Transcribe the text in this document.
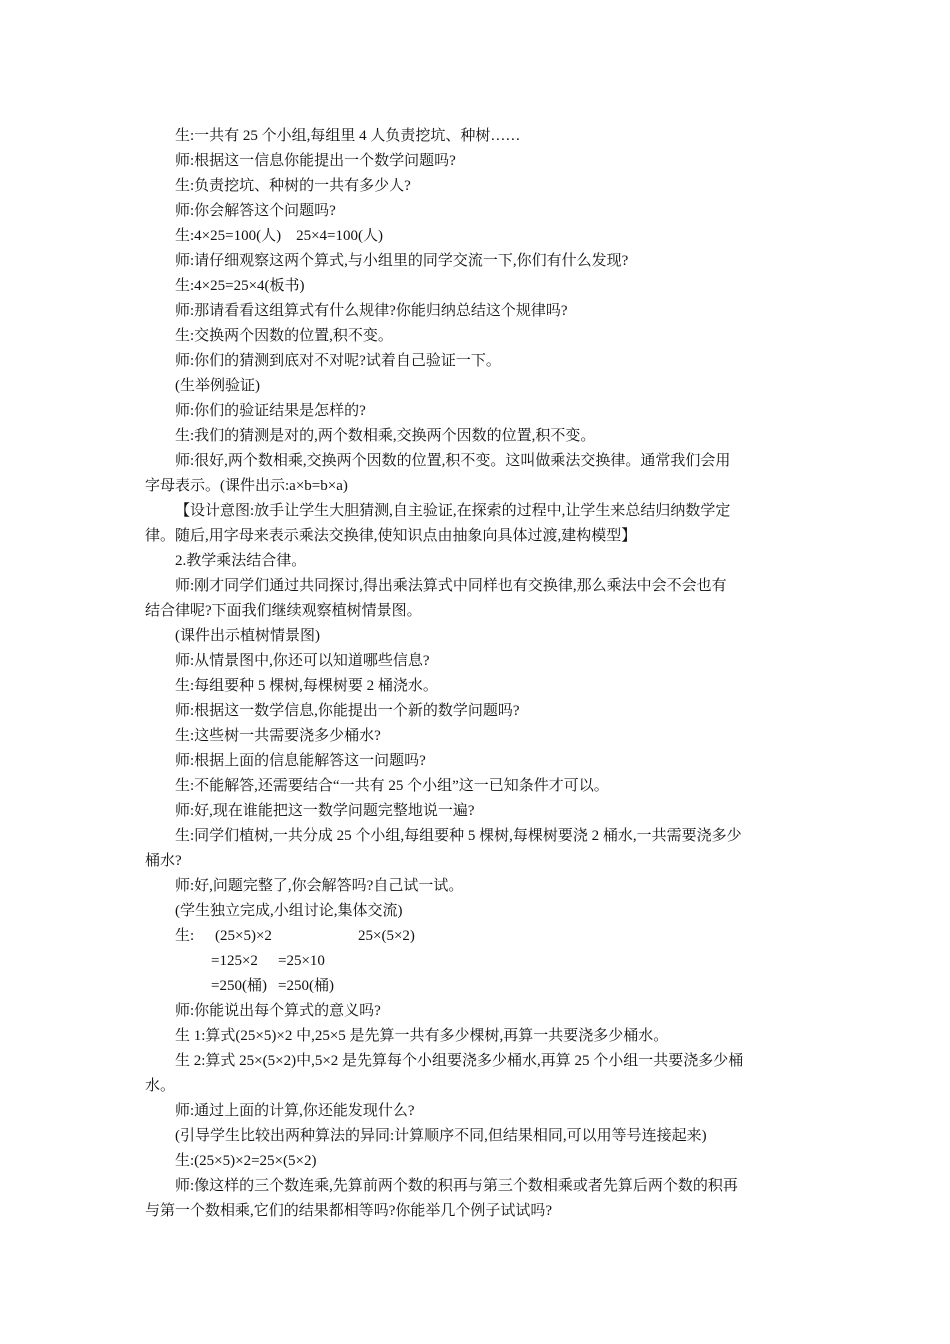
生:一共有 25 个小组,每组里 4 人负责挖坑、种树……
师:根据这一信息你能提出一个数学问题吗?
生:负责挖坑、种树的一共有多少人?
师:你会解答这个问题吗?
生:4×25=100(人)　25×4=100(人)
师:请仔细观察这两个算式,与小组里的同学交流一下,你们有什么发现?
生:4×25=25×4(板书)
师:那请看看这组算式有什么规律?你能归纳总结这个规律吗?
生:交换两个因数的位置,积不变。
师:你们的猜测到底对不对呢?试着自己验证一下。
(生举例验证)
师:你们的验证结果是怎样的?
生:我们的猜测是对的,两个数相乘,交换两个因数的位置,积不变。
师:很好,两个数相乘,交换两个因数的位置,积不变。这叫做乘法交换律。通常我们会用
字母表示。(课件出示:a×b=b×a)
【设计意图:放手让学生大胆猜测,自主验证,在探索的过程中,让学生来总结归纳数学定
律。随后,用字母来表示乘法交换律,使知识点由抽象向具体过渡,建构模型】
2.教学乘法结合律。
师:刚才同学们通过共同探讨,得出乘法算式中同样也有交换律,那么乘法中会不会也有
结合律呢?下面我们继续观察植树情景图。
(课件出示植树情景图)
师:从情景图中,你还可以知道哪些信息?
生:每组要种 5 棵树,每棵树要 2 桶浇水。
师:根据这一数学信息,你能提出一个新的数学问题吗?
生:这些树一共需要浇多少桶水?
师:根据上面的信息能解答这一问题吗?
生:不能解答,还需要结合“一共有 25 个小组”这一已知条件才可以。
师:好,现在谁能把这一数学问题完整地说一遍?
生:同学们植树,一共分成 25 个小组,每组要种 5 棵树,每棵树要浇 2 桶水,一共需要浇多少
桶水?
师:好,问题完整了,你会解答吗?自己试一试。
(学生独立完成,小组讨论,集体交流)
生: (25×5)×2	25×(5×2)
=125×2 =25×10
=250(桶) =250(桶)
师:你能说出每个算式的意义吗?
生 1:算式(25×5)×2 中,25×5 是先算一共有多少棵树,再算一共要浇多少桶水。
生 2:算式 25×(5×2)中,5×2 是先算每个小组要浇多少桶水,再算 25 个小组一共要浇多少桶
水。
师:通过上面的计算,你还能发现什么?
(引导学生比较出两种算法的异同:计算顺序不同,但结果相同,可以用等号连接起来)
生:(25×5)×2=25×(5×2)
师:像这样的三个数连乘,先算前两个数的积再与第三个数相乘或者先算后两个数的积再
与第一个数相乘,它们的结果都相等吗?你能举几个例子试试吗?
